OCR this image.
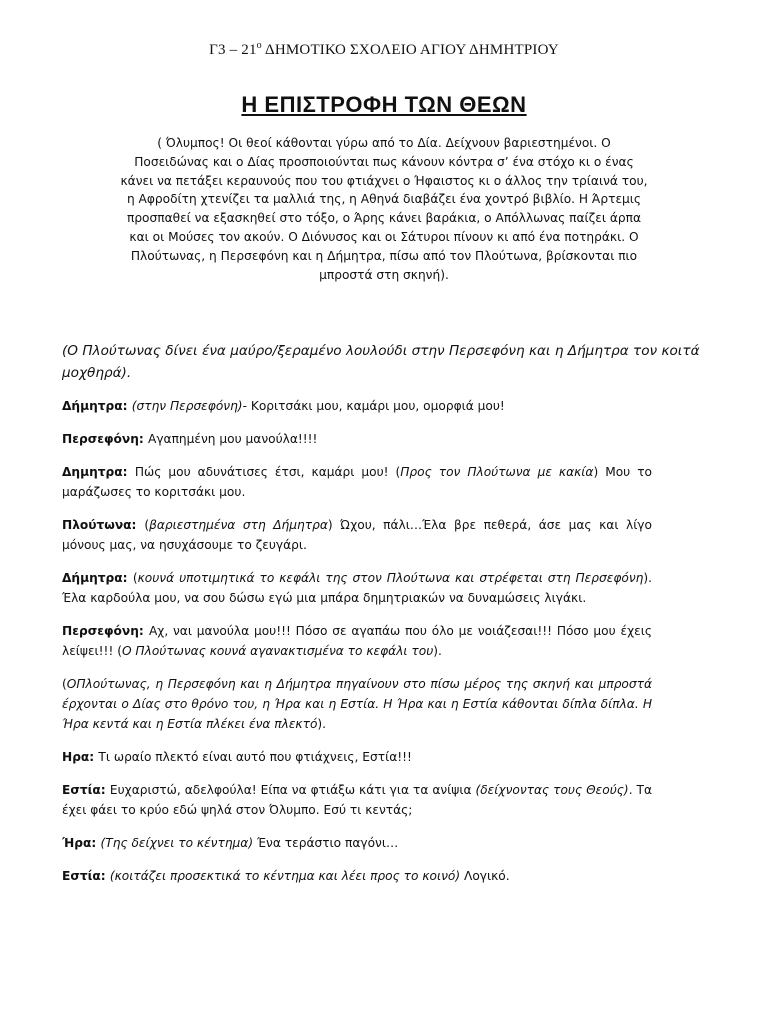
$\Gamma 3 - 21^o$ ΔΗΜΟΤΙΚΟ ΣΧΟΛΕΙΟ ΑΓΙΟΥ ΔΗΜΗΤΡΙΟΥ
Η ΕΠΙΣΤΡΟΦΗ ΤΩΝ ΘΕΩΝ
( Όλυμπος! Οι θεοί κάθονται γύρω από το Δία. Δείχνουν βαριεστημένοι. Ο Ποσειδώνας και ο Δίας προσποιούνται πως κάνουν κόντρα σ’ ένα στόχο κι ο ένας κάνει να πετάξει κεραυνούς που του φτιάχνει ο Ήφαιστος κι ο άλλος την τρίαινά του, η Αφροδίτη χτενίζει τα μαλλιά της, η Αθηνά διαβάζει ένα χοντρό βιβλίο. Η Άρτεμις προσπαθεί να εξασκηθεί στο τόξο, ο Άρης κάνει βαράκια, ο Απόλλωνας παίζει άρπα και οι Μούσες τον ακούν. Ο Διόνυσος και οι Σάτυροι πίνουν κι από ένα ποτηράκι. Ο Πλούτωνας, η Περσεφόνη και η Δήμητρα, πίσω από τον Πλούτωνα, βρίσκονται πιο μπροστά στη σκηνή).
(Ο Πλούτωνας δίνει ένα μαύρο/ξεραμένο λουλούδι στην Περσεφόνη και η Δήμητρα τον κοιτά μοχθηρά).

Δήμητρα: (στην Περσεφόνη)- Κοριτσάκι μου, καμάρι μου, ομορφιά μου!

Περσεφόνη: Αγαπημένη μου μανούλα!!!!

Δημητρα: Πώς μου αδυνάτισες έτσι, καμάρι μου! (Προς τον Πλούτωνα με κακία) Μου το μαράζωσες το κοριτσάκι μου.

Πλούτωνα: (βαριεστημένα στη Δήμητρα) Ώχου, πάλι…Έλα βρε πεθερά, άσε μας και λίγο μόνους μας, να ησυχάσουμε το ζευγάρι.

Δήμητρα: (κουνά υποτιμητικά το κεφάλι της στον Πλούτωνα και στρέφεται στη Περσεφόνη). Έλα καρδούλα μου, να σου δώσω εγώ μια μπάρα δημητριακών να δυναμώσεις λιγάκι.

Περσεφόνη: Αχ, ναι μανούλα μου!!! Πόσο σε αγαπάω που όλο με νοιάζεσαι!!! Πόσο μου έχεις λείψει!!! (Ο Πλούτωνας κουνά αγανακτισμένα το κεφάλι του).

(ΟΠλούτωνας, η Περσεφόνη και η Δήμητρα πηγαίνουν στο πίσω μέρος της σκηνή και μπροστά έρχονται ο Δίας στο θρόνο του, η Ήρα και η Εστία. Η Ήρα και η Εστία κάθονται δίπλα δίπλα. Η Ήρα κεντά και η Εστία πλέκει ένα πλεκτό).

Ηρα: Τι ωραίο πλεκτό είναι αυτό που φτιάχνεις, Εστία!!!

Εστία: Ευχαριστώ, αδελφούλα! Είπα να φτιάξω κάτι για τα ανίψια (δείχνοντας τους Θεούς). Τα έχει φάει το κρύο εδώ ψηλά στον Όλυμπο. Εσύ τι κεντάς;

Ήρα: (Της δείχνει το κέντημα) Ένα τεράστιο παγόνι…

Εστία: (κοιτάζει προσεκτικά το κέντημα και λέει προς το κοινό) Λογικό.
